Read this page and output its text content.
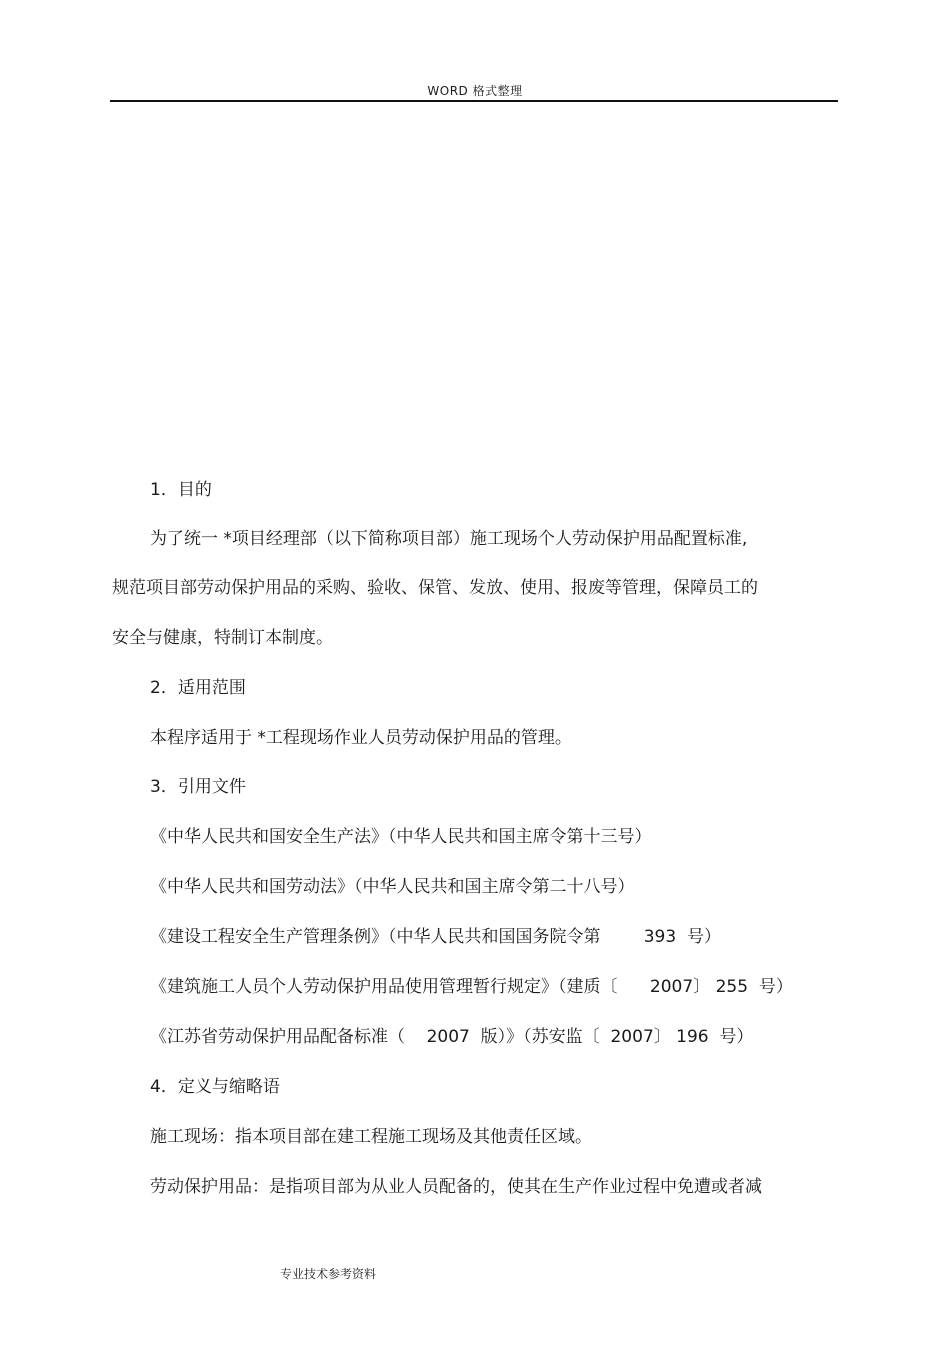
WORD 格式整理
1．目的
为了统一 *项目经理部（以下简称项目部）施工现场个人劳动保护用品配置标准,
规范项目部劳动保护用品的采购、验收、保管、发放、使用、报废等管理，保障员工的
安全与健康，特制订本制度。
2．适用范围
本程序适用于 *工程现场作业人员劳动保护用品的管理。
3．引用文件
《中华人民共和国安全生产法》（中华人民共和国主席令第十三号）
《中华人民共和国劳动法》（中华人民共和国主席令第二十八号）
《建设工程安全生产管理条例》（中华人民共和国国务院令第        393  号）
《建筑施工人员个人劳动保护用品使用管理暂行规定》（建质〔      2007〕 255  号）
《江苏省劳动保护用品配备标准（    2007  版）》（苏安监〔  2007〕 196  号）
4．定义与缩略语
施工现场：指本项目部在建工程施工现场及其他责任区域。
劳动保护用品：是指项目部为从业人员配备的，使其在生产作业过程中免遭或者减
专业技术参考资料
